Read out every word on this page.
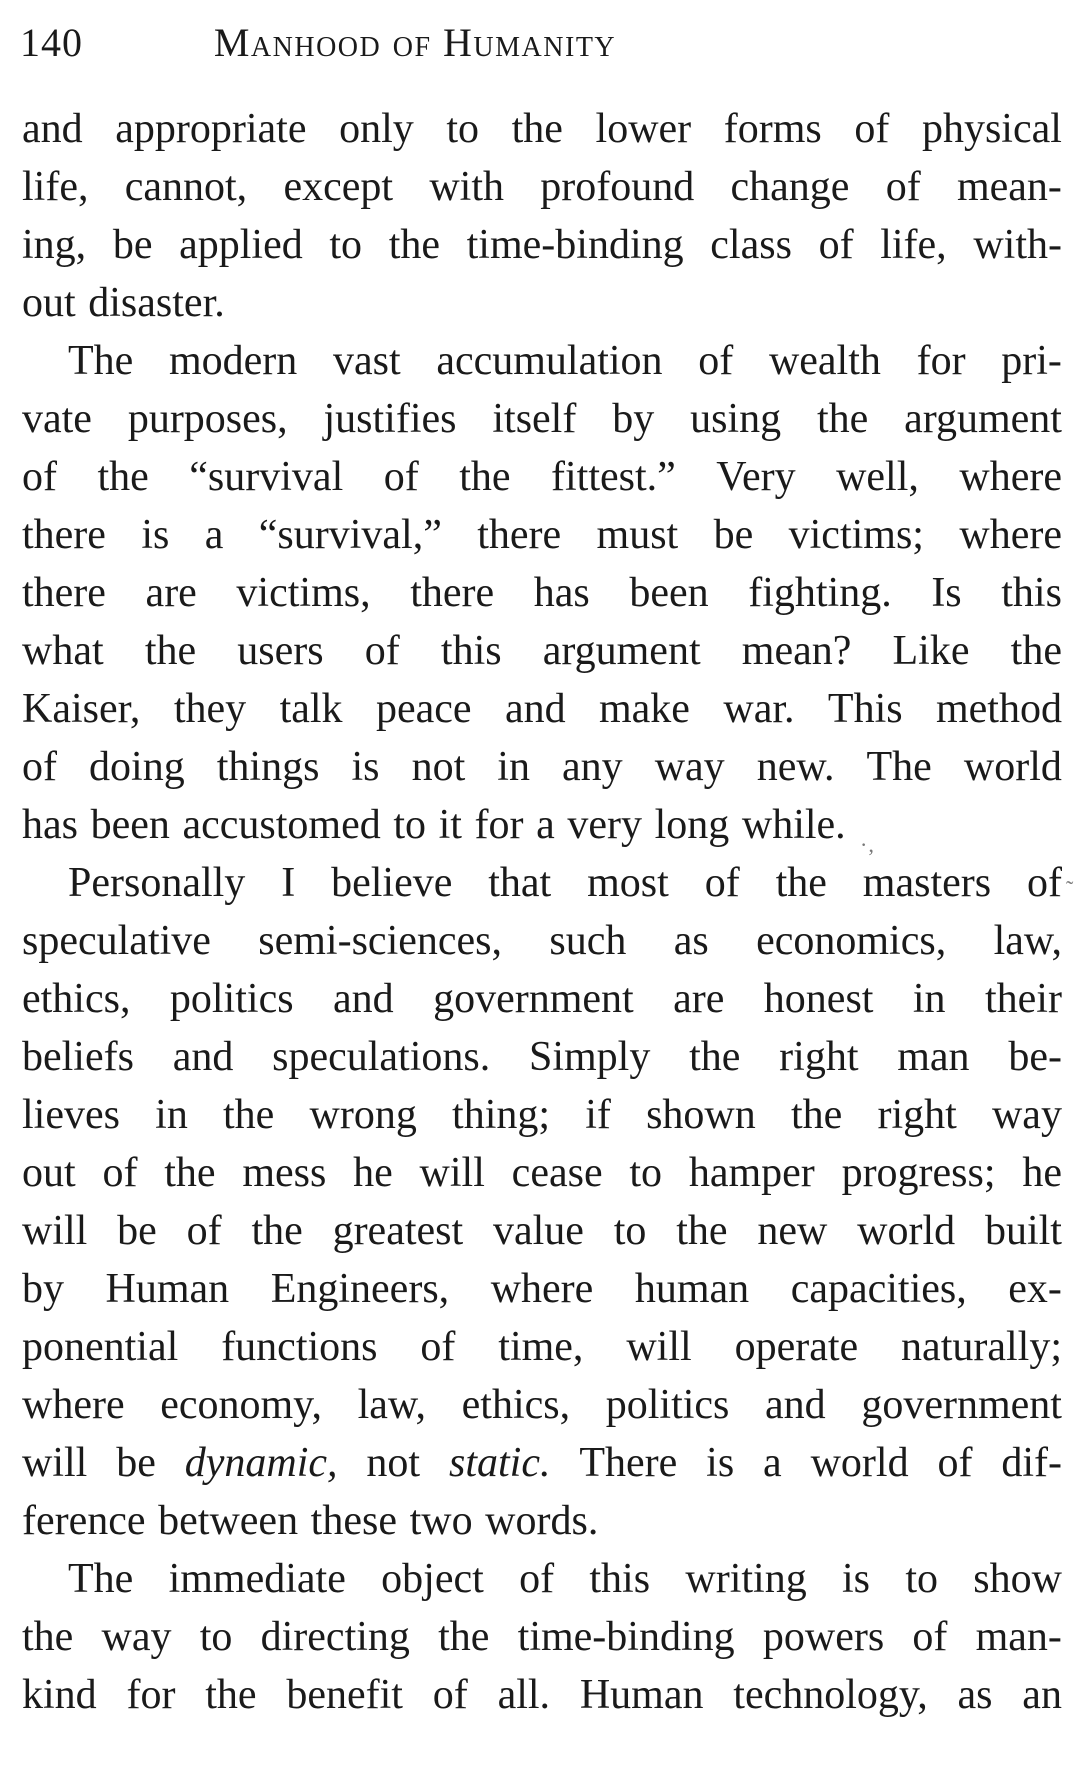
140	Manhood of Humanity
and appropriate only to the lower forms of physical
life, cannot, except with profound change of mean-
ing, be applied to the time-binding class of life, with-
out disaster.
The modern vast accumulation of wealth for pri-
vate purposes, justifies itself by using the argument
of the “survival of the fittest.” Very well, where
there is a “survival,” there must be victims; where
there are victims, there has been fighting. Is this
what the users of this argument mean? Like the
Kaiser, they talk peace and make war. This method
of doing things is not in any way new. The world
has been accustomed to it for a very long while.
Personally I believe that most of the masters of
speculative semi-sciences, such as economics, law,
ethics, politics and government are honest in their
beliefs and speculations. Simply the right man be-
lieves in the wrong thing; if shown the right way
out of the mess he will cease to hamper progress; he
will be of the greatest value to the new world built
by Human Engineers, where human capacities, ex-
ponential functions of time, will operate naturally;
where economy, law, ethics, politics and government
will be dynamic, not static. There is a world of dif-
ference between these two words.
The immediate object of this writing is to show
the way to directing the time-binding powers of man-
kind for the benefit of all. Human technology, as an
·‚
˜
